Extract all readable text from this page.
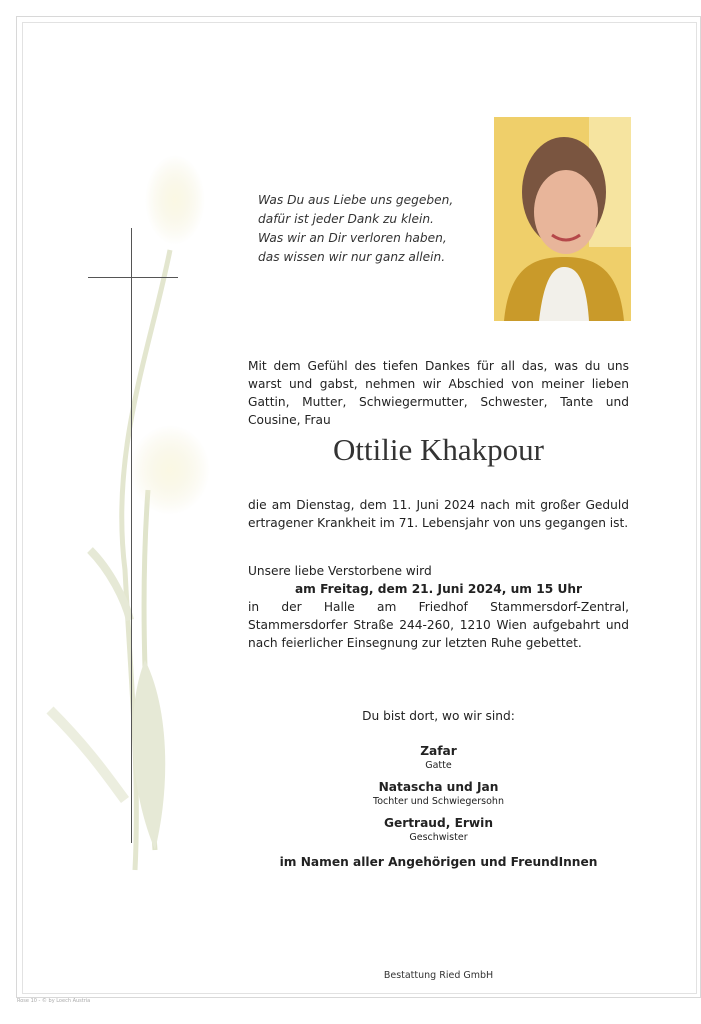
Was Du aus Liebe uns gegeben,
dafür ist jeder Dank zu klein.
Was wir an Dir verloren haben,
das wissen wir nur ganz allein.
Mit dem Gefühl des tiefen Dankes für all das, was du uns warst und gabst, nehmen wir Abschied von meiner lieben Gattin, Mutter, Schwiegermutter, Schwester, Tante und Cousine, Frau
Ottilie Khakpour
die am Dienstag, dem 11. Juni 2024 nach mit großer Geduld ertragener Krankheit im 71. Lebensjahr von uns gegangen ist.
Unsere liebe Verstorbene wird
am Freitag, dem 21. Juni 2024, um 15 Uhr
in der Halle am Friedhof Stammersdorf-Zentral, Stammersdorfer Straße 244-260, 1210 Wien aufgebahrt und nach feierlicher Einsegnung zur letzten Ruhe gebettet.
Du bist dort, wo wir sind:
Zafar
Gatte
Natascha und Jan
Tochter und Schwiegersohn
Gertraud, Erwin
Geschwister
im Namen aller Angehörigen und FreundInnen
Bestattung Ried GmbH
Rose 10 - © by Loech Austria
